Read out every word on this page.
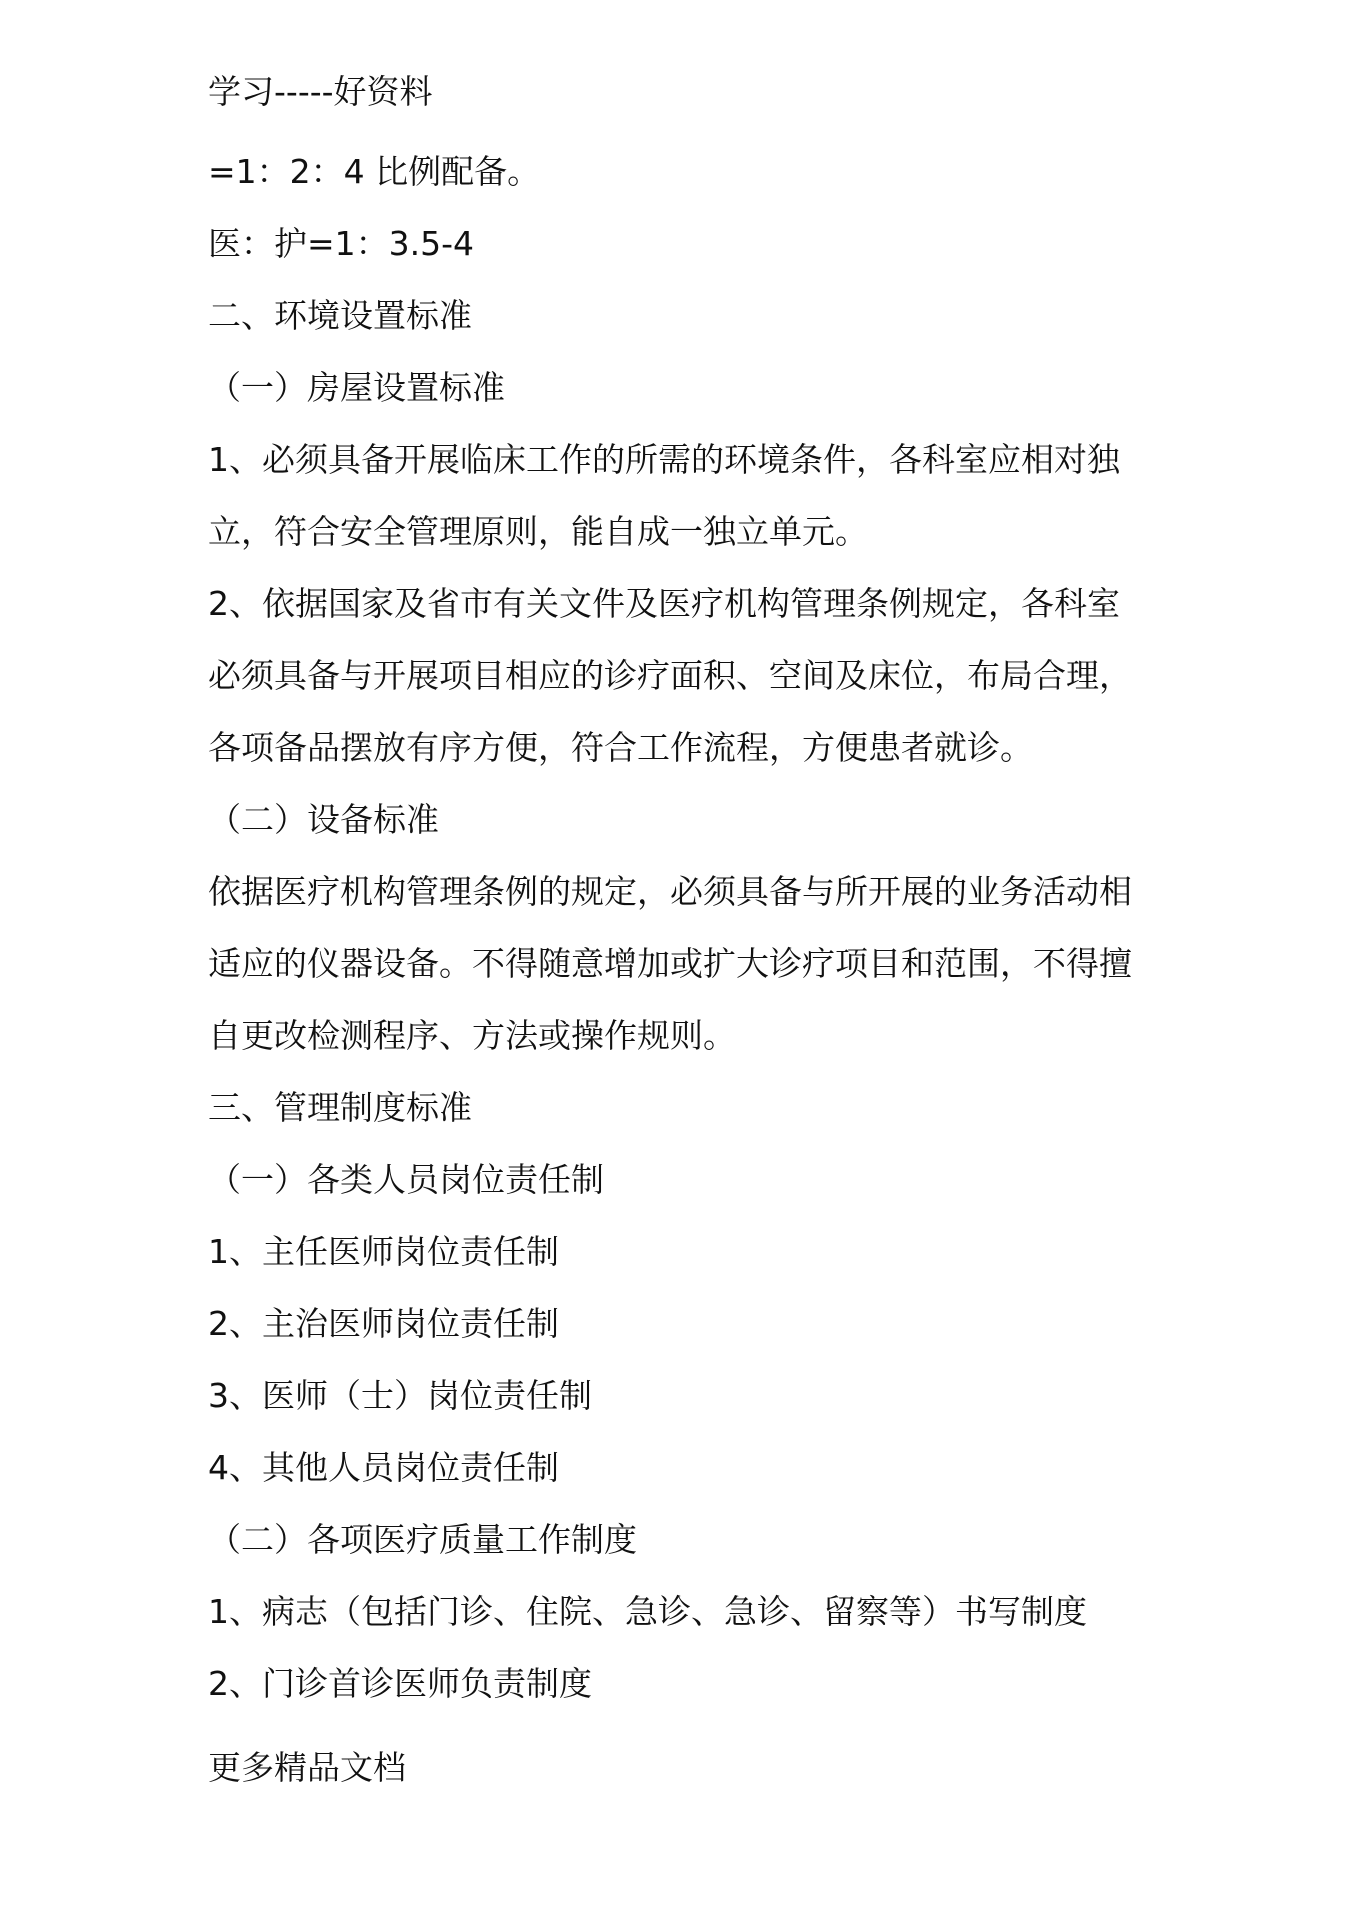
学习-----好资料
=1：2：4 比例配备。
医：护=1：3.5-4
二、环境设置标准
（一）房屋设置标准
1、必须具备开展临床工作的所需的环境条件，各科室应相对独
立，符合安全管理原则，能自成一独立单元。
2、依据国家及省市有关文件及医疗机构管理条例规定，各科室
必须具备与开展项目相应的诊疗面积、空间及床位，布局合理，
各项备品摆放有序方便，符合工作流程，方便患者就诊。
（二）设备标准
依据医疗机构管理条例的规定，必须具备与所开展的业务活动相
适应的仪器设备。不得随意增加或扩大诊疗项目和范围，不得擅
自更改检测程序、方法或操作规则。
三、管理制度标准
（一）各类人员岗位责任制
1、主任医师岗位责任制
2、主治医师岗位责任制
3、医师（士）岗位责任制
4、其他人员岗位责任制
（二）各项医疗质量工作制度
1、病志（包括门诊、住院、急诊、急诊、留察等）书写制度
2、门诊首诊医师负责制度
更多精品文档
